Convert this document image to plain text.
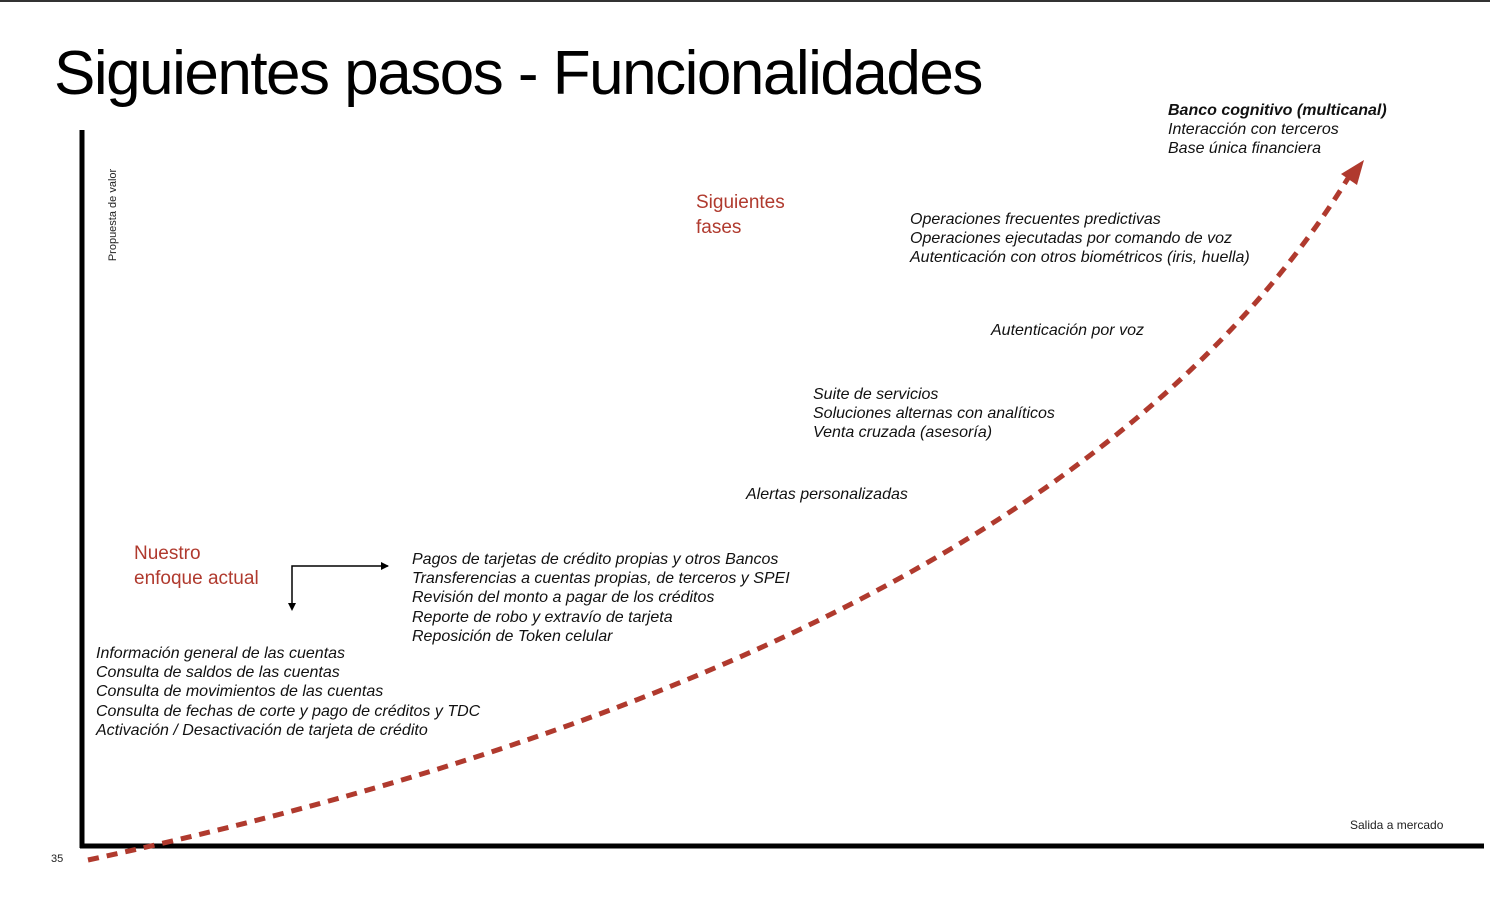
Siguientes pasos - Funcionalidades
Propuesta de valor
Salida a mercado
35
Nuestro
enfoque actual
Siguientes
fases
Información general de las cuentas
Consulta de saldos de las cuentas
Consulta de movimientos de las cuentas
Consulta de fechas de corte y pago de créditos y TDC
Activación / Desactivación de tarjeta de crédito
Pagos de tarjetas de crédito propias y otros Bancos
Transferencias a cuentas propias, de terceros y SPEI
Revisión del monto a pagar de los créditos
Reporte de robo y extravío de tarjeta
Reposición de Token celular
Alertas personalizadas
Suite de servicios
Soluciones alternas con analíticos
Venta cruzada (asesoría)
Autenticación por voz
Operaciones frecuentes predictivas
Operaciones ejecutadas por comando de voz
Autenticación con otros biométricos (iris, huella)
Banco cognitivo (multicanal)
Interacción con terceros
Base única financiera
